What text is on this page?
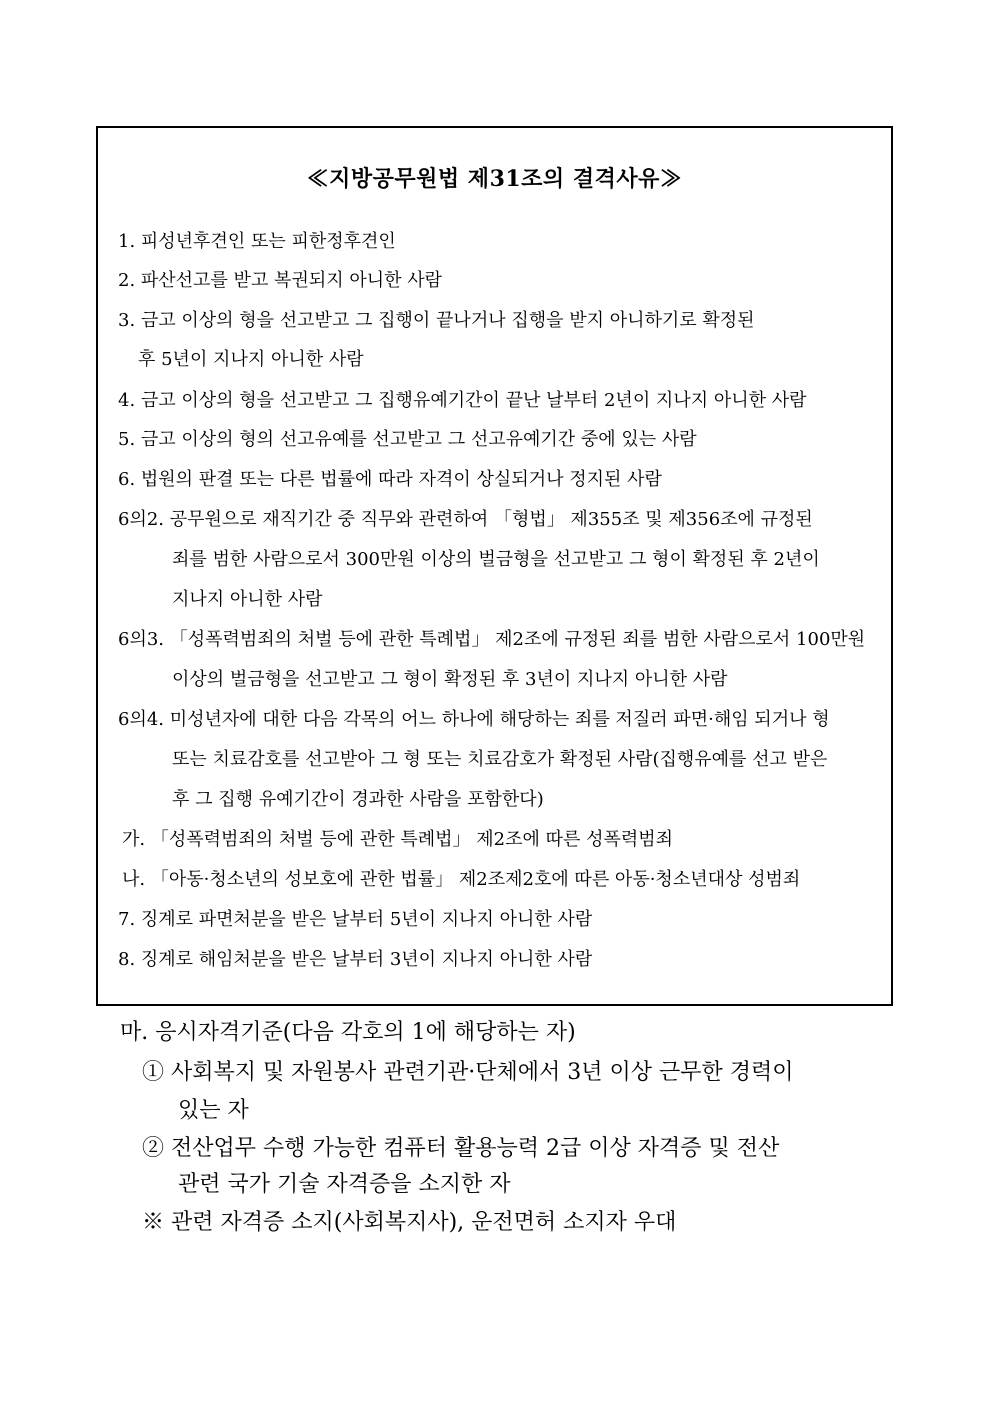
≪지방공무원법 제31조의 결격사유≫
1. 피성년후견인 또는 피한정후견인
2. 파산선고를 받고 복권되지 아니한 사람
3. 금고 이상의 형을 선고받고 그 집행이 끝나거나 집행을 받지 아니하기로 확정된
후 5년이 지나지 아니한 사람
4. 금고 이상의 형을 선고받고 그 집행유예기간이 끝난 날부터 2년이 지나지 아니한 사람
5. 금고 이상의 형의 선고유예를 선고받고 그 선고유예기간 중에 있는 사람
6. 법원의 판결 또는 다른 법률에 따라 자격이 상실되거나 정지된 사람
6의2. 공무원으로 재직기간 중 직무와 관련하여 「형법」 제355조 및 제356조에 규정된
죄를 범한 사람으로서 300만원 이상의 벌금형을 선고받고 그 형이 확정된 후 2년이
지나지 아니한 사람
6의3. 「성폭력범죄의 처벌 등에 관한 특례법」 제2조에 규정된 죄를 범한 사람으로서 100만원
이상의 벌금형을 선고받고 그 형이 확정된 후 3년이 지나지 아니한 사람
6의4. 미성년자에 대한 다음 각목의 어느 하나에 해당하는 죄를 저질러 파면·해임 되거나 형
또는 치료감호를 선고받아 그 형 또는 치료감호가 확정된 사람(집행유예를 선고 받은
후 그 집행 유예기간이 경과한 사람을 포함한다)
가. 「성폭력범죄의 처벌 등에 관한 특례법」 제2조에 따른 성폭력범죄
나. 「아동·청소년의 성보호에 관한 법률」 제2조제2호에 따른 아동·청소년대상 성범죄
7. 징계로 파면처분을 받은 날부터 5년이 지나지 아니한 사람
8. 징계로 해임처분을 받은 날부터 3년이 지나지 아니한 사람
마. 응시자격기준(다음 각호의 1에 해당하는 자)
① 사회복지 및 자원봉사 관련기관·단체에서 3년 이상 근무한 경력이
있는 자
② 전산업무 수행 가능한 컴퓨터 활용능력 2급 이상 자격증 및 전산
관련 국가 기술 자격증을 소지한 자
※ 관련 자격증 소지(사회복지사), 운전면허 소지자 우대
